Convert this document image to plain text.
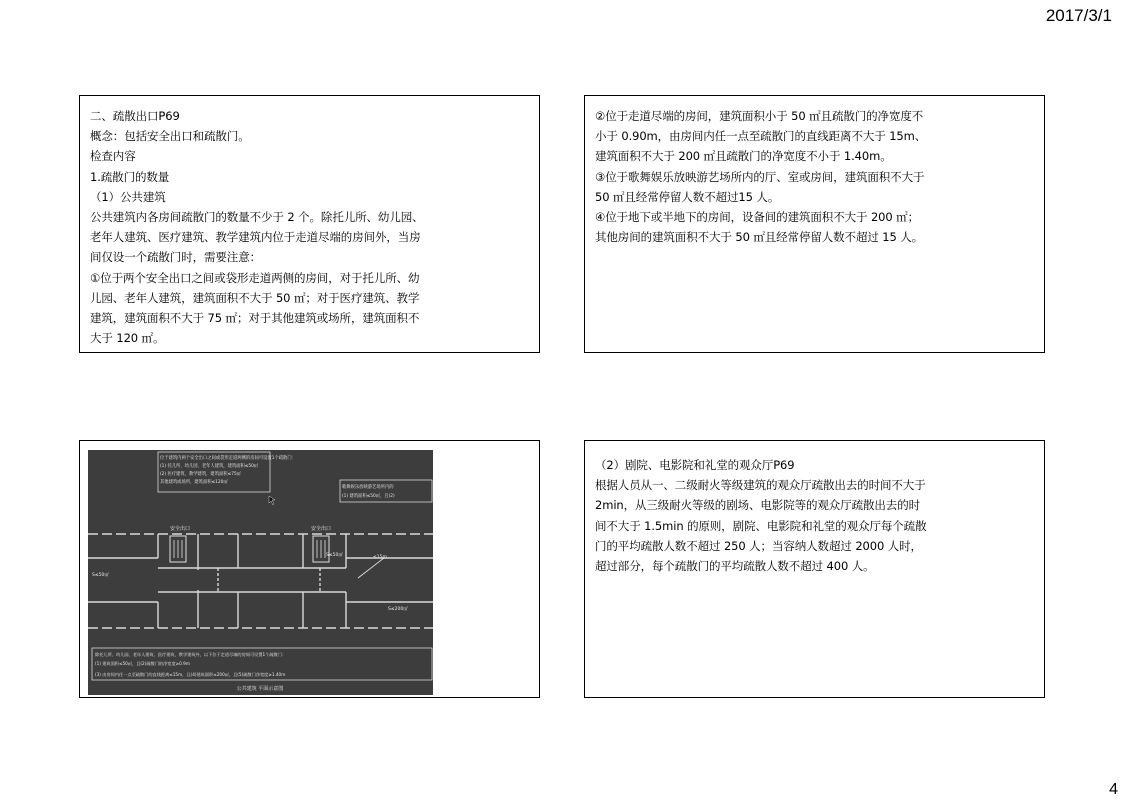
2017/3/1
二、疏散出口P69
概念：包括安全出口和疏散门。
检查内容
1.疏散门的数量
（1）公共建筑
公共建筑内各房间疏散门的数量不少于 2 个。除托儿所、幼儿园、
老年人建筑、医疗建筑、教学建筑内位于走道尽端的房间外，当房
间仅设一个疏散门时，需要注意：
①位于两个安全出口之间或袋形走道两侧的房间，对于托儿所、幼
儿园、老年人建筑，建筑面积不大于 50 ㎡；对于医疗建筑、教学
建筑，建筑面积不大于 75 ㎡；对于其他建筑或场所，建筑面积不
大于 120 ㎡。
②位于走道尽端的房间，建筑面积小于 50 ㎡且疏散门的净宽度不
小于 0.90m，由房间内任一点至疏散门的直线距离不大于 15m、
建筑面积不大于 200 ㎡且疏散门的净宽度不小于 1.40m。
③位于歌舞娱乐放映游艺场所内的厅、室或房间，建筑面积不大于
50 ㎡且经常停留人数不超过15 人。
④位于地下或半地下的房间，设备间的建筑面积不大于 200 ㎡；
其他房间的建筑面积不大于 50 ㎡且经常停留人数不超过 15 人。
位于建筑内两个安全出口之间或袋形走道两侧的房间可设置1个疏散门：
(1) 托儿所、幼儿园、老年人建筑，建筑面积≤50㎡
(2) 医疗建筑、教学建筑，建筑面积≤75㎡
其他建筑或场所，建筑面积≤120㎡
歌舞娱乐放映游艺场所内的
(1) 建筑面积≤50㎡，且(2)
安全出口	安全出口
S≤50㎡
S≤50㎡
S≤200㎡
≤15m
除托儿所、幼儿园、老年人建筑、医疗建筑、教学建筑外，以下位于走道尽端的房间可设置1个疏散门：
(1) 建筑面积≤50㎡，且(2)疏散门的净宽度≥0.9m
(3) 由房间内任一点至疏散门的直线距离≤15m，且(4)建筑面积≤200㎡，且(5)疏散门净宽度≥1.40m
公共建筑 平面示意图
（2）剧院、电影院和礼堂的观众厅P69
根据人员从一、二级耐火等级建筑的观众厅疏散出去的时间不大于
2min，从三级耐火等级的剧场、电影院等的观众厅疏散出去的时
间不大于 1.5min 的原则，剧院、电影院和礼堂的观众厅每个疏散
门的平均疏散人数不超过 250 人；当容纳人数超过 2000 人时，
超过部分，每个疏散门的平均疏散人数不超过 400 人。
4
